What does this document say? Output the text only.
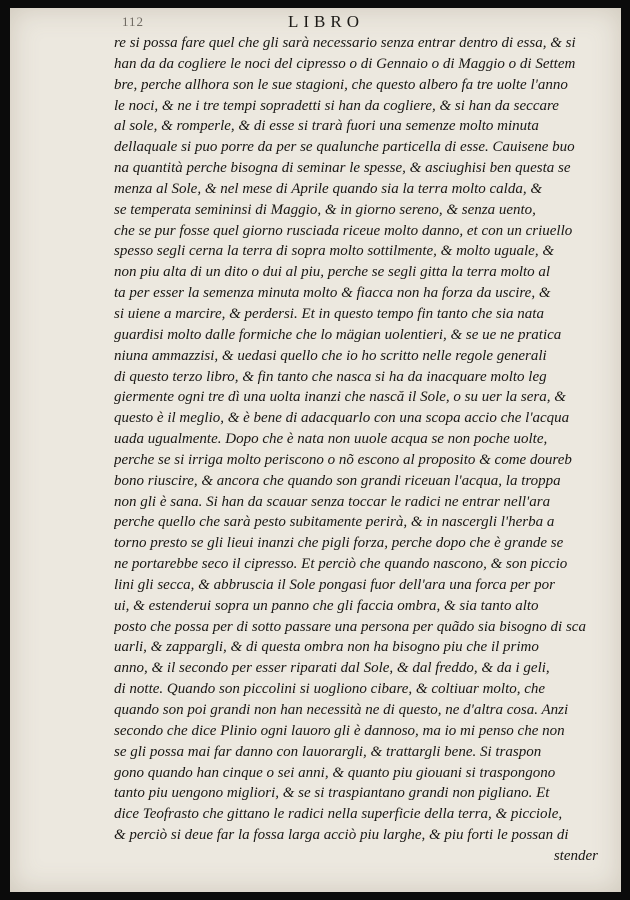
112	LIBRO
re si possa fare quel che gli sarà necessario senza entrar dentro di essa, & si
han da da cogliere le noci del cipresso o di Gennaio o di Maggio o di Settem
bre, perche allhora son le sue stagioni, che questo albero fa tre uolte l'anno
le noci, & ne i tre tempi sopradetti si han da cogliere, & si han da seccare
al sole, & romperle, & di esse si trarà fuori una semenze molto minuta
dellaquale si puo porre da per se qualunche particella di esse. Cauisene buo
na quantità perche bisogna di seminar le spesse, & asciughisi ben questa se
menza al Sole, & nel mese di Aprile quando sia la terra molto calda, &
se temperata semininsi di Maggio, & in giorno sereno, & senza uento,
che se pur fosse quel giorno rusciada riceue molto danno, et con un criuello
spesso segli cerna la terra di sopra molto sottilmente, & molto uguale, &
non piu alta di un dito o dui al piu, perche se segli gitta la terra molto al
ta per esser la semenza minuta molto & fiacca non ha forza da uscire, &
si uiene a marcire, & perdersi. Et in questo tempo fin tanto che sia nata
guardisi molto dalle formiche che lo mägian uolentieri, & se ue ne pratica
niuna ammazzisi, & uedasi quello che io ho scritto nelle regole generali
di questo terzo libro, & fin tanto che nasca si ha da inacquare molto leg
giermente ogni tre dì una uolta inanzi che nască il Sole, o su uer la sera, &
questo è il meglio, & è bene di adacquarlo con una scopa accio che l'acqua
uada ugualmente. Dopo che è nata non uuole acqua se non poche uolte,
perche se si irriga molto periscono o nõ escono al proposito & come doureb
bono riuscire, & ancora che quando son grandi riceuan l'acqua, la troppa
non gli è sana. Si han da scauar senza toccar le radici ne entrar nell'ara
perche quello che sarà pesto subitamente perirà, & in nascergli l'herba a
torno presto se gli lieui inanzi che pigli forza, perche dopo che è grande se
ne portarebbe seco il cipresso. Et perciò che quando nascono, & son piccio
lini gli secca, & abbruscia il Sole pongasi fuor dell'ara una forca per por
ui, & estenderui sopra un panno che gli faccia ombra, & sia tanto alto
posto che possa per di sotto passare una persona per quãdo sia bisogno di sca
uarli, & zappargli, & di questa ombra non ha bisogno piu che il primo
anno, & il secondo per esser riparati dal Sole, & dal freddo, & da i geli,
di notte. Quando son piccolini si uogliono cibare, & coltiuar molto, che
quando son poi grandi non han necessità ne di questo, ne d'altra cosa. Anzi
secondo che dice Plinio ogni lauoro gli è dannoso, ma io mi penso che non
se gli possa mai far danno con lauorargli, & trattargli bene. Si traspon
gono quando han cinque o sei anni, & quanto piu giouani si traspongono
tanto piu uengono migliori, & se si traspiantano grandi non pigliano. Et
dice Teofrasto che gittano le radici nella superficie della terra, & picciole,
& perciò si deue far la fossa larga acciò piu larghe, & piu forti le possan di
stender
